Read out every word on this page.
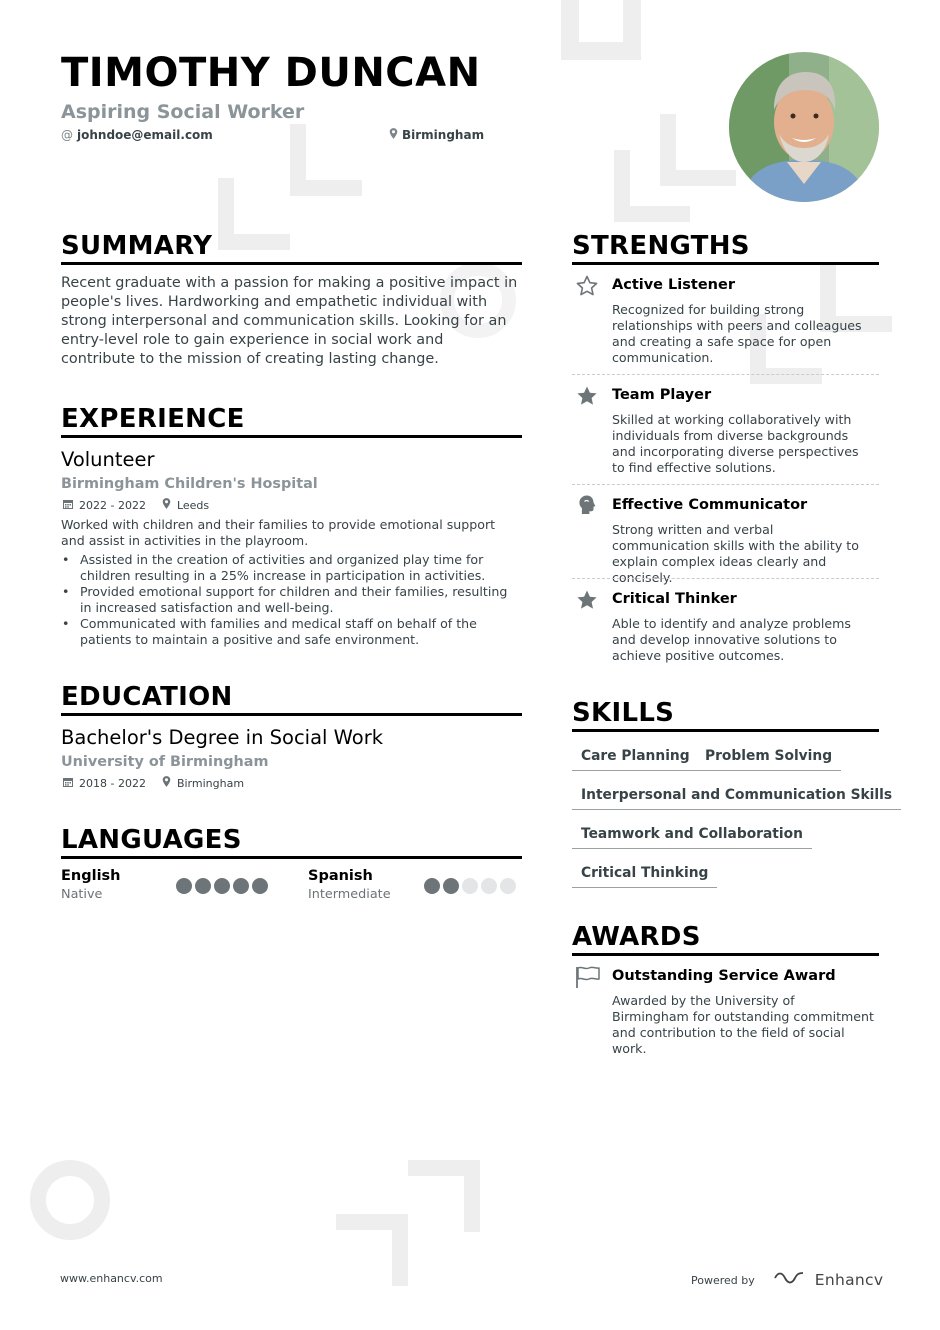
TIMOTHY DUNCAN
Aspiring Social Worker
@ johndoe@email.com	Birmingham
SUMMARY
Recent graduate with a passion for making a positive impact in people's lives. Hardworking and empathetic individual with strong interpersonal and communication skills. Looking for an entry-level role to gain experience in social work and contribute to the mission of creating lasting change.
EXPERIENCE
Volunteer
Birmingham Children's Hospital
2022 - 2022	Leeds
Worked with children and their families to provide emotional support and assist in activities in the playroom.
• Assisted in the creation of activities and organized play time for children resulting in a 25% increase in participation in activities.
• Provided emotional support for children and their families, resulting in increased satisfaction and well-being.
• Communicated with families and medical staff on behalf of the patients to maintain a positive and safe environment.
EDUCATION
Bachelor's Degree in Social Work
University of Birmingham
2018 - 2022	Birmingham
LANGUAGES
English
Native
Spanish
Intermediate
STRENGTHS
Active Listener
Recognized for building strong relationships with peers and colleagues and creating a safe space for open communication.
Team Player
Skilled at working collaboratively with individuals from diverse backgrounds and incorporating diverse perspectives to find effective solutions.
Effective Communicator
Strong written and verbal communication skills with the ability to explain complex ideas clearly and concisely.
Critical Thinker
Able to identify and analyze problems and develop innovative solutions to achieve positive outcomes.
SKILLS
Care Planning	Problem Solving
Interpersonal and Communication Skills
Teamwork and Collaboration
Critical Thinking
AWARDS
Outstanding Service Award
Awarded by the University of Birmingham for outstanding commitment and contribution to the field of social work.
www.enhancv.com	Powered by	Enhancv
